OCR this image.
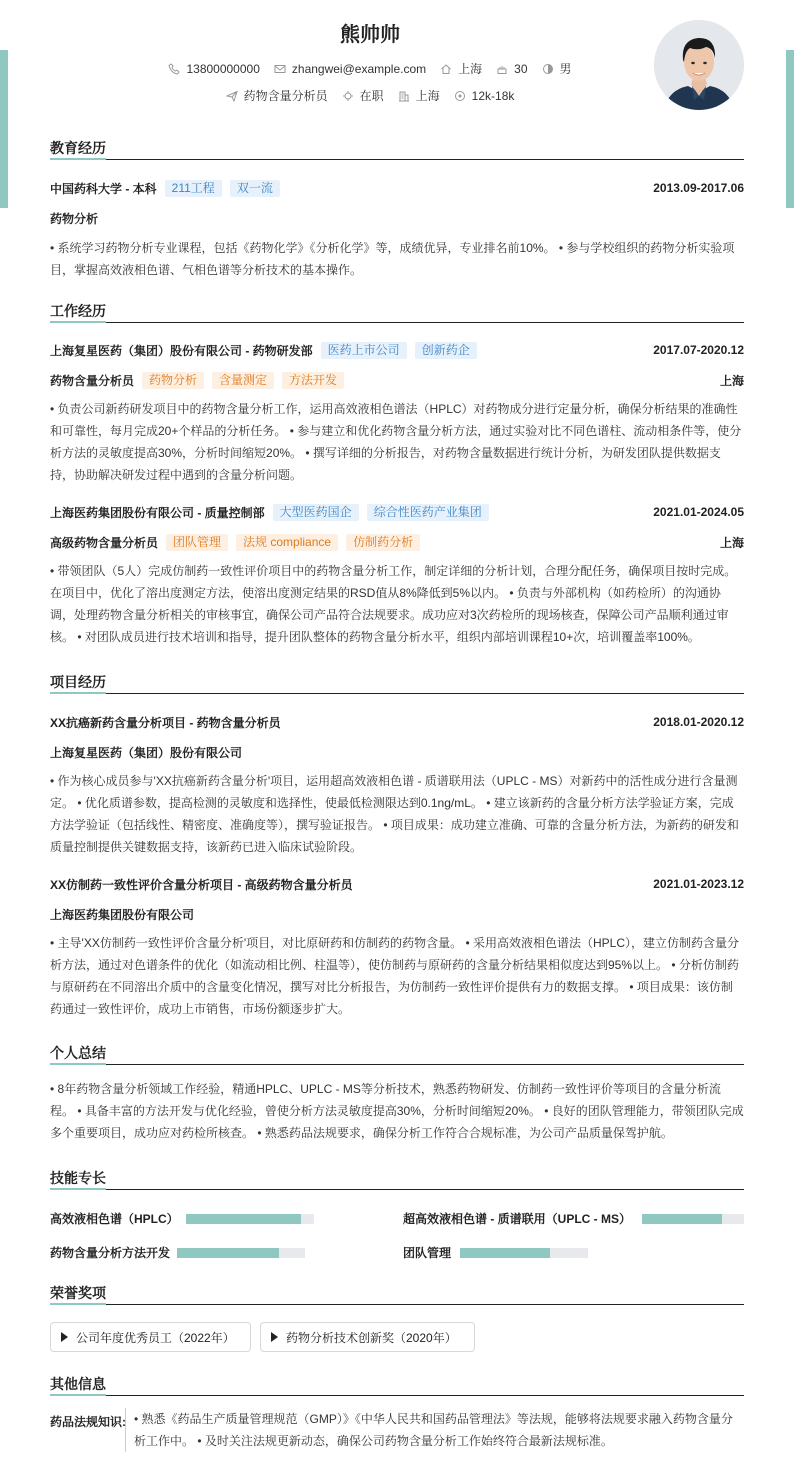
熊帅帅
13800000000	zhangwei@example.com	上海	30	男
药物含量分析员	在职	上海	12k-18k
教育经历
中国药科大学 - 本科	211工程	双一流	2013.09-2017.06
药物分析
• 系统学习药物分析专业课程，包括《药物化学》《分析化学》等，成绩优异，专业排名前10%。 • 参与学校组织的药物分析实验项目，掌握高效液相色谱、气相色谱等分析技术的基本操作。
工作经历
上海复星医药（集团）股份有限公司 - 药物研发部	医药上市公司	创新药企	2017.07-2020.12
药物含量分析员	药物分析	含量测定	方法开发	上海
• 负责公司新药研发项目中的药物含量分析工作，运用高效液相色谱法（HPLC）对药物成分进行定量分析，确保分析结果的准确性和可靠性，每月完成20+个样品的分析任务。 • 参与建立和优化药物含量分析方法，通过实验对比不同色谱柱、流动相条件等，使分析方法的灵敏度提高30%，分析时间缩短20%。 • 撰写详细的分析报告，对药物含量数据进行统计分析，为研发团队提供数据支持，协助解决研发过程中遇到的含量分析问题。
上海医药集团股份有限公司 - 质量控制部	大型医药国企	综合性医药产业集团	2021.01-2024.05
高级药物含量分析员	团队管理	法规 compliance	仿制药分析	上海
• 带领团队（5人）完成仿制药一致性评价项目中的药物含量分析工作，制定详细的分析计划，合理分配任务，确保项目按时完成。在项目中，优化了溶出度测定方法，使溶出度测定结果的RSD值从8%降低到5%以内。 • 负责与外部机构（如药检所）的沟通协调，处理药物含量分析相关的审核事宜，确保公司产品符合法规要求。成功应对3次药检所的现场核查，保障公司产品顺利通过审核。 • 对团队成员进行技术培训和指导，提升团队整体的药物含量分析水平，组织内部培训课程10+次，培训覆盖率100%。
项目经历
XX抗癌新药含量分析项目 - 药物含量分析员	2018.01-2020.12
上海复星医药（集团）股份有限公司
• 作为核心成员参与'XX抗癌新药含量分析'项目，运用超高效液相色谱 - 质谱联用法（UPLC - MS）对新药中的活性成分进行含量测定。 • 优化质谱参数，提高检测的灵敏度和选择性，使最低检测限达到0.1ng/mL。 • 建立该新药的含量分析方法学验证方案，完成方法学验证（包括线性、精密度、准确度等），撰写验证报告。 • 项目成果：成功建立准确、可靠的含量分析方法，为新药的研发和质量控制提供关键数据支持，该新药已进入临床试验阶段。
XX仿制药一致性评价含量分析项目 - 高级药物含量分析员	2021.01-2023.12
上海医药集团股份有限公司
• 主导'XX仿制药一致性评价含量分析'项目，对比原研药和仿制药的药物含量。 • 采用高效液相色谱法（HPLC），建立仿制药含量分析方法，通过对色谱条件的优化（如流动相比例、柱温等），使仿制药与原研药的含量分析结果相似度达到95%以上。 • 分析仿制药与原研药在不同溶出介质中的含量变化情况，撰写对比分析报告，为仿制药一致性评价提供有力的数据支撑。 • 项目成果：该仿制药通过一致性评价，成功上市销售，市场份额逐步扩大。
个人总结
• 8年药物含量分析领域工作经验，精通HPLC、UPLC - MS等分析技术，熟悉药物研发、仿制药一致性评价等项目的含量分析流程。 • 具备丰富的方法开发与优化经验，曾使分析方法灵敏度提高30%，分析时间缩短20%。 • 良好的团队管理能力，带领团队完成多个重要项目，成功应对药检所核查。 • 熟悉药品法规要求，确保分析工作符合合规标准，为公司产品质量保驾护航。
技能专长
高效液相色谱（HPLC）	超高效液相色谱 - 质谱联用（UPLC - MS）
药物含量分析方法开发	团队管理
荣誉奖项
公司年度优秀员工（2022年）	药物分析技术创新奖（2020年）
其他信息
药品法规知识: • 熟悉《药品生产质量管理规范（GMP）》《中华人民共和国药品管理法》等法规，能够将法规要求融入药物含量分析工作中。 • 及时关注法规更新动态，确保公司药物含量分析工作始终符合最新法规标准。
